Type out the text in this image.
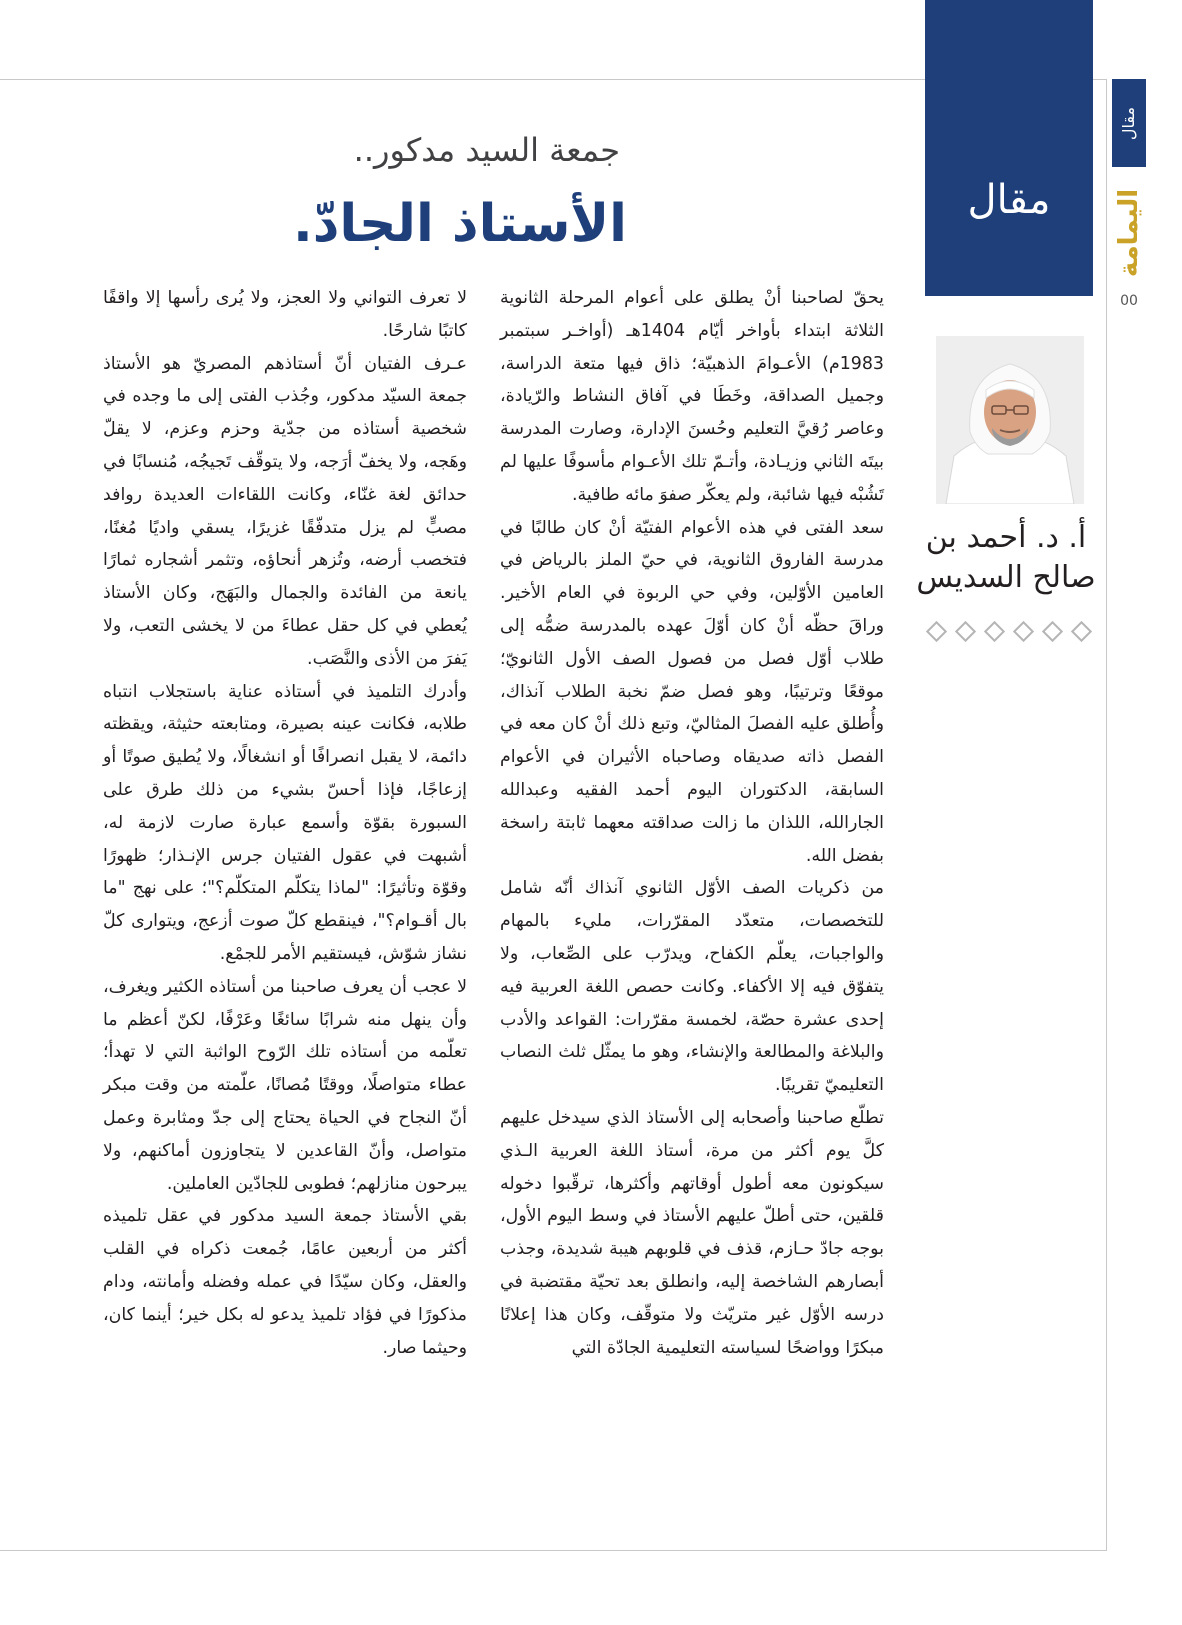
مقال
مقال
اليمامة
00
أ. د. أحمد بن
صالح السديس
جمعة السيد مدكور..
الأستاذ الجادّ.

يحقّ لصاحبنا أنْ يطلق على أعوام المرحلة الثانوية الثلاثة ابتداء بأواخر أيّام 1404هـ (أواخـر سبتمبر 1983م) الأعـوامَ الذهبيّة؛ ذاق فيها متعة الدراسة، وجميل الصداقة، وخَطَا في آفاق النشاط والرّيادة، وعاصر رُقيَّ التعليم وحُسنَ الإدارة، وصارت المدرسة بيتَه الثاني وزيـادة، وأتـمّ تلك الأعـوام مأسوفًا عليها لم تَشُبْه فيها شائبة، ولم يعكّر صفوَ مائه طافية.

سعد الفتى في هذه الأعوام الفتيّة أنْ كان طالبًا في مدرسة الفاروق الثانوية، في حيّ الملز بالرياض في العامين الأوّلين، وفي حي الربوة في العام الأخير. وراقَ حظّه أنْ كان أوّلَ عهده بالمدرسة ضمُّه إلى طلاب أوّل فصل من فصول الصف الأول الثانويّ؛ موقعًا وترتيبًا، وهو فصل ضمّ نخبة الطلاب آنذاك، وأُطلق عليه الفصلَ المثاليّ، وتبع ذلك أنْ كان معه في الفصل ذاته صديقاه وصاحباه الأثيران في الأعوام السابقة، الدكتوران اليوم أحمد الفقيه وعبدالله الجارالله، اللذان ما زالت صداقته معهما ثابتة راسخة بفضل الله.

من ذكريات الصف الأوّل الثانوي آنذاك أنّه شامل للتخصصات، متعدّد المقرّرات، مليء بالمهام والواجبات، يعلّم الكفاح، ويدرّب على الصِّعاب، ولا يتفوّق فيه إلا الأكفاء. وكانت حصص اللغة العربية فيه إحدى عشرة حصّة، لخمسة مقرّرات: القواعد والأدب والبلاغة والمطالعة والإنشاء، وهو ما يمثّل ثلث النصاب التعليميّ تقريبًا.

تطلّع صاحبنا وأصحابه إلى الأستاذ الذي سيدخل عليهم كلَّ يوم أكثر من مرة، أستاذ اللغة العربية الـذي سيكونون معه أطول أوقاتهم وأكثرها، ترقّبوا دخوله قلقين، حتى أطلّ عليهم الأستاذ في وسط اليوم الأول، بوجه جادّ حـازم، قذف في قلوبهم هيبة شديدة، وجذب أبصارهم الشاخصة إليه، وانطلق بعد تحيّة مقتضبة في درسه الأوّل غير متريّث ولا متوقّف، وكان هذا إعلانًا مبكرًا وواضحًا لسياسته التعليمية الجادّة التي

لا تعرف التواني ولا العجز، ولا يُرى رأسها إلا واقفًا كاتبًا شارحًا.

عـرف الفتيان أنّ أستاذهم المصريّ هو الأستاذ جمعة السيّد مدكور، وجُذب الفتى إلى ما وجده في شخصية أستاذه من جدّية وحزم وعزم، لا يقلّ وهَجه، ولا يخفّ أرَجه، ولا يتوقّف تَجيجُه، مُنسابًا في حدائق لغة غنّاء، وكانت اللقاءات العديدة روافد مصبٍّ لم يزل متدفّقًا غزيرًا، يسقي واديًا مُغنًا، فتخصب أرضه، وتُزهر أنحاؤه، وتثمر أشجاره ثمارًا يانعة من الفائدة والجمال والبَهَج، وكان الأستاذ يُعطي في كل حقل عطاءَ من لا يخشى التعب، ولا يَفرَ من الأذى والنَّصَب.

وأدرك التلميذ في أستاذه عناية باستجلاب انتباه طلابه، فكانت عينه بصيرة، ومتابعته حثيثة، ويقظته دائمة، لا يقبل انصرافًا أو انشغالًا، ولا يُطيق صوتًا أو إزعاجًا، فإذا أحسّ بشيء من ذلك طرق على السبورة بقوّة وأسمع عبارة صارت لازمة له، أشبهت في عقول الفتيان جرس الإنـذار؛ ظهورًا وقوّة وتأثيرًا: "لماذا يتكلّم المتكلّم؟"؛ على نهج "ما بال أقـوام؟"، فينقطع كلّ صوت أزعج، ويتوارى كلّ نشاز شوّش، فيستقيم الأمر للجمْع.

لا عجب أن يعرف صاحبنا من أستاذه الكثير ويغرف، وأن ينهل منه شرابًا سائغًا وعَرْفًا، لكنّ أعظم ما تعلّمه من أستاذه تلك الرّوح الواثبة التي لا تهدأ؛ عطاء متواصلًا، ووقتًا مُصانًا، علّمته من وقت مبكر أنّ النجاح في الحياة يحتاج إلى جدّ ومثابرة وعمل متواصل، وأنّ القاعدين لا يتجاوزون أماكنهم، ولا يبرحون منازلهم؛ فطوبى للجادّين العاملين.

بقي الأستاذ جمعة السيد مدكور في عقل تلميذه أكثر من أربعين عامًا، جُمعت ذكراه في القلب والعقل، وكان سيّدًا في عمله وفضله وأمانته، ودام مذكورًا في فؤاد تلميذ يدعو له بكل خير؛ أينما كان، وحيثما صار.
